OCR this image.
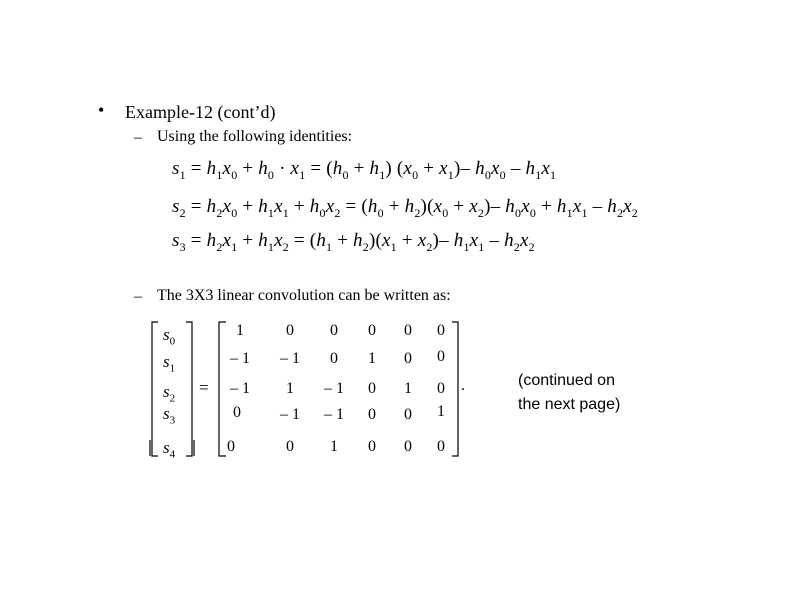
• Example-12 (cont’d)
– Using the following identities:
$s_1 = h_1x_0 + h_0 \cdot x_1 = (h_0 + h_1) (x_0 + x_1)-$ $h_0x_0 - h_1x_1$
$s_2 = h_2x_0 + h_1x_1 + h_0x_2 = (h_0 + h_2)(x_0 + x_2)-$ $h_0x_0 + h_1x_1 - h_2x_2$
$s_3 = h_2x_1 + h_1x_2 = (h_1 + h_2)(x_1 + x_2)-$ $h_1x_1 - h_2x_2$
– The 3X3 linear convolution can be written as:
$s_0$
$s_1$
$s_2$
$s_3$
$s_4$
=
1	0	0	0	0	0
– 1	– 1	0	1	0	0
– 1	1	– 1	0	1	0
0	– 1	– 1	0	0	1
0	0	1	0	0	0
.	(continued on
the next page)
